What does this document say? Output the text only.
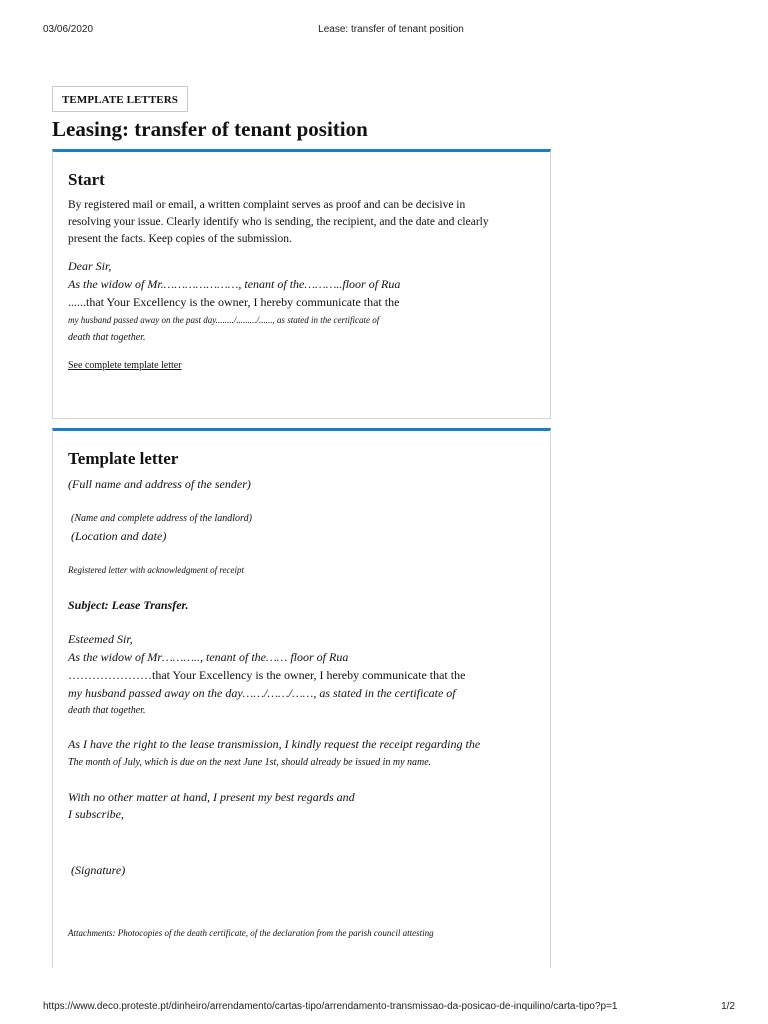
03/06/2020	Lease: transfer of tenant position
TEMPLATE LETTERS
Leasing: transfer of tenant position
Start

By registered mail or email, a written complaint serves as proof and can be decisive in resolving your issue. Clearly identify who is sending, the recipient, and the date and clearly present the facts. Keep copies of the submission.

Dear Sir,

As the widow of Mr.…………………, tenant of the………..floor of Rua

......that Your Excellency is the owner, I hereby communicate that the

my husband passed away on the past day......../........./......, as stated in the certificate of

death that together.

See complete template letter
Template letter

(Full name and address of the sender)

(Name and complete address of the landlord)

(Location and date)

Registered letter with acknowledgment of receipt

Subject: Lease Transfer.

Esteemed Sir,

As the widow of Mr……….., tenant of the…… floor of Rua

…………………that Your Excellency is the owner, I hereby communicate that the

my husband passed away on the day……/……/……, as stated in the certificate of

death that together.

As I have the right to the lease transmission, I kindly request the receipt regarding the

The month of July, which is due on the next June 1st, should already be issued in my name.

With no other matter at hand, I present my best regards and

I subscribe,

(Signature)

Attachments: Photocopies of the death certificate, of the declaration from the parish council attesting

https://www.deco.proteste.pt/dinheiro/arrendamento/cartas-tipo/arrendamento-transmissao-da-posicao-de-inquilino/carta-tipo?p=1	1/2
